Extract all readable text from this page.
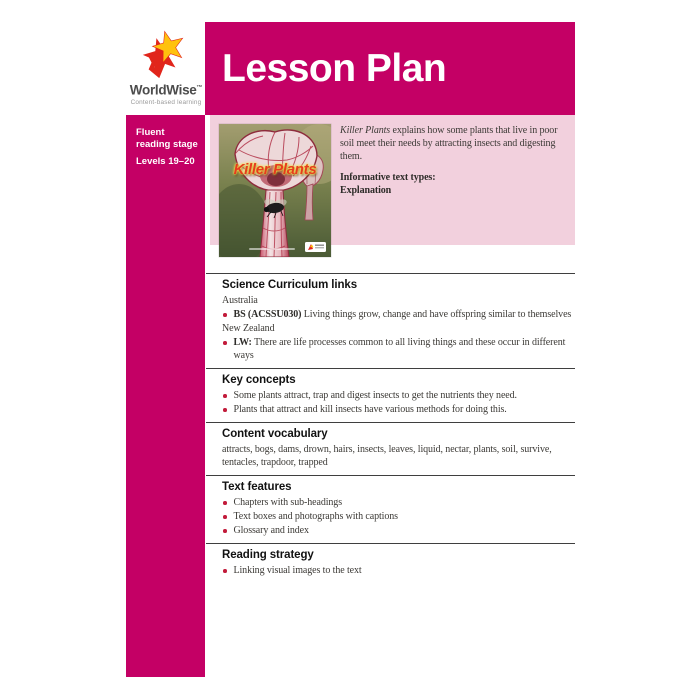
WorldWise™
Content-based learning
Lesson Plan
Fluent
reading stage
Levels 19–20	Killer Plants

Killer Plants explains how some plants that live in poor soil meet their needs by attracting insects and digesting them.

Informative text types:
Explanation
Science Curriculum links
Australia
BS (ACSSU030) Living things grow, change and have offspring similar to themselves
New Zealand
LW: There are life processes common to all living things and these occur in different ways
Key concepts
Some plants attract, trap and digest insects to get the nutrients they need.
Plants that attract and kill insects have various methods for doing this.
Content vocabulary
attracts, bogs, dams, drown, hairs, insects, leaves, liquid, nectar, plants, soil, survive, tentacles, trapdoor, trapped
Text features
Chapters with sub-headings
Text boxes and photographs with captions
Glossary and index
Reading strategy
Linking visual images to the text
